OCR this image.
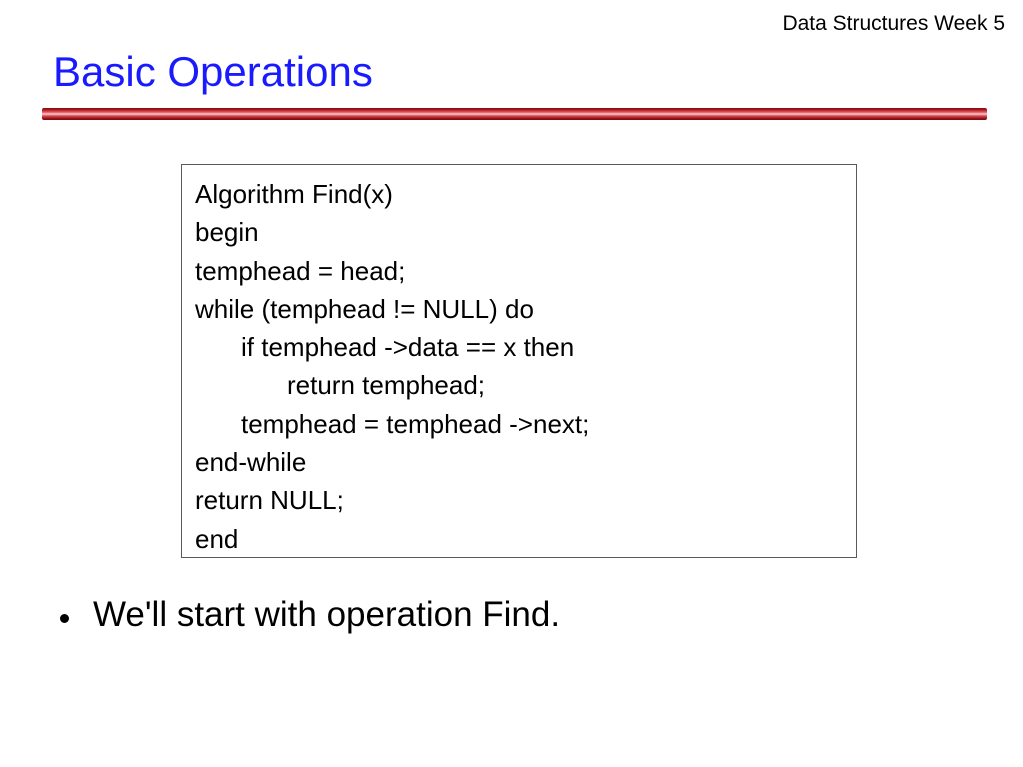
Data Structures Week 5
Basic Operations
Algorithm Find(x)
begin
temphead = head;
while (temphead != NULL) do
if temphead ->data == x then
return temphead;
temphead = temphead ->next;
end-while
return NULL;
end
We'll start with operation Find.
